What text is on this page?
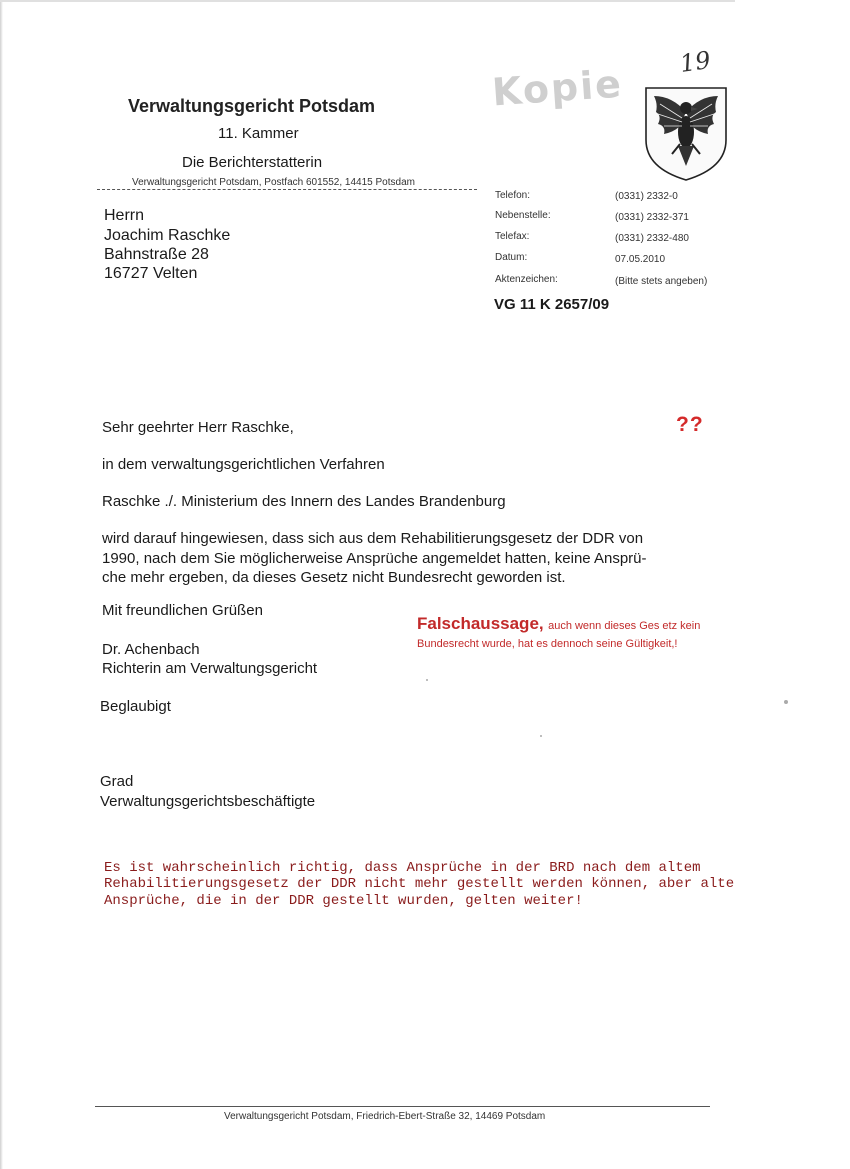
Verwaltungsgericht Potsdam
11. Kammer
Die Berichterstatterin
Verwaltungsgericht Potsdam, Postfach 601552, 14415 Potsdam
Kopie 19
Herrn
Joachim Raschke
Bahnstraße 28
16727 Velten
Telefon:	(0331) 2332-0
Nebenstelle:	(0331) 2332-371
Telefax:	(0331) 2332-480
Datum:	07.05.2010
Aktenzeichen:	(Bitte stets angeben)
VG 11 K 2657/09
Sehr geehrter Herr Raschke,	??
in dem verwaltungsgerichtlichen Verfahren
Raschke ./. Ministerium des Innern des Landes Brandenburg
wird darauf hingewiesen, dass sich aus dem Rehabilitierungsgesetz der DDR von
1990, nach dem Sie möglicherweise Ansprüche angemeldet hatten, keine Ansprü-
che mehr ergeben, da dieses Gesetz nicht Bundesrecht geworden ist.
Mit freundlichen Grüßen
Falschaussage, auch wenn dieses Ges etz kein
Bundesrecht wurde, hat es dennoch seine Gültigkeit,!
Dr. Achenbach
Richterin am Verwaltungsgericht
Beglaubigt
Grad
Verwaltungsgerichtsbeschäftigte
Es ist wahrscheinlich richtig, dass Ansprüche in der BRD nach dem altem
Rehabilitierungsgesetz der DDR nicht mehr gestellt werden können, aber alte
Ansprüche, die in der DDR gestellt wurden, gelten weiter!
Verwaltungsgericht Potsdam, Friedrich-Ebert-Straße 32, 14469 Potsdam
